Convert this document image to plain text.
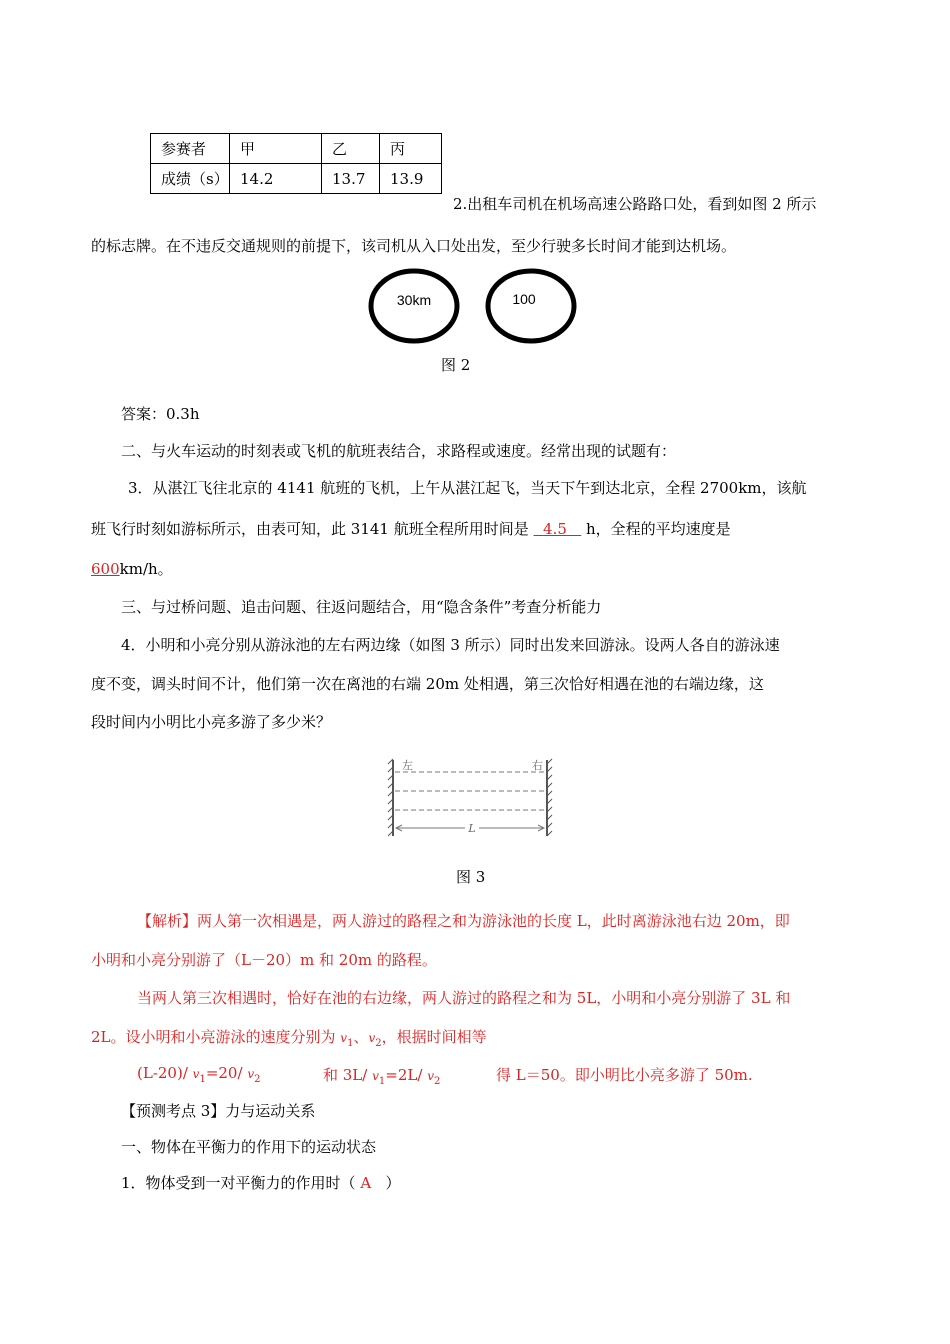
参赛者	甲	乙	丙
成绩（s）	14.2	13.7	13.9
2.出租车司机在机场高速公路路口处，看到如图 2 所示
的标志牌。在不违反交通规则的前提下，该司机从入口处出发，至少行驶多长时间才能到达机场。
30km	100
图 2
答案：0.3h
二、与火车运动的时刻表或飞机的航班表结合，求路程或速度。经常出现的试题有：
3．从湛江飞往北京的 4141 航班的飞机，上午从湛江起飞，当天下午到达北京，全程 2700km，该航
班飞行时刻如游标所示，由表可知，此 3141 航班全程所用时间是 4.5 h，全程的平均速度是
600km/h。
三、与过桥问题、追击问题、往返问题结合，用“隐含条件”考查分析能力
4．小明和小亮分别从游泳池的左右两边缘（如图 3 所示）同时出发来回游泳。设两人各自的游泳速
度不变，调头时间不计，他们第一次在离池的右端 20m 处相遇，第三次恰好相遇在池的右端边缘，这
段时间内小明比小亮多游了多少米？
左	右
L
图 3
【解析】两人第一次相遇是，两人游过的路程之和为游泳池的长度 L，此时离游泳池右边 20m，即
小明和小亮分别游了（L－20）m 和 20m 的路程。
当两人第三次相遇时，恰好在池的右边缘，两人游过的路程之和为 5L，小明和小亮分别游了 3L 和
2L。设小明和小亮游泳的速度分别为 $v_1$、$v_2$，根据时间相等
(L-20)/ $v_1=20/$ $v_2$	和 3L/ $v_1=2L/$ $v_2$	得 L＝50。即小明比小亮多游了 50m.
【预测考点 3】力与运动关系
一、物体在平衡力的作用下的运动状态
1．物体受到一对平衡力的作用时（ A ）
